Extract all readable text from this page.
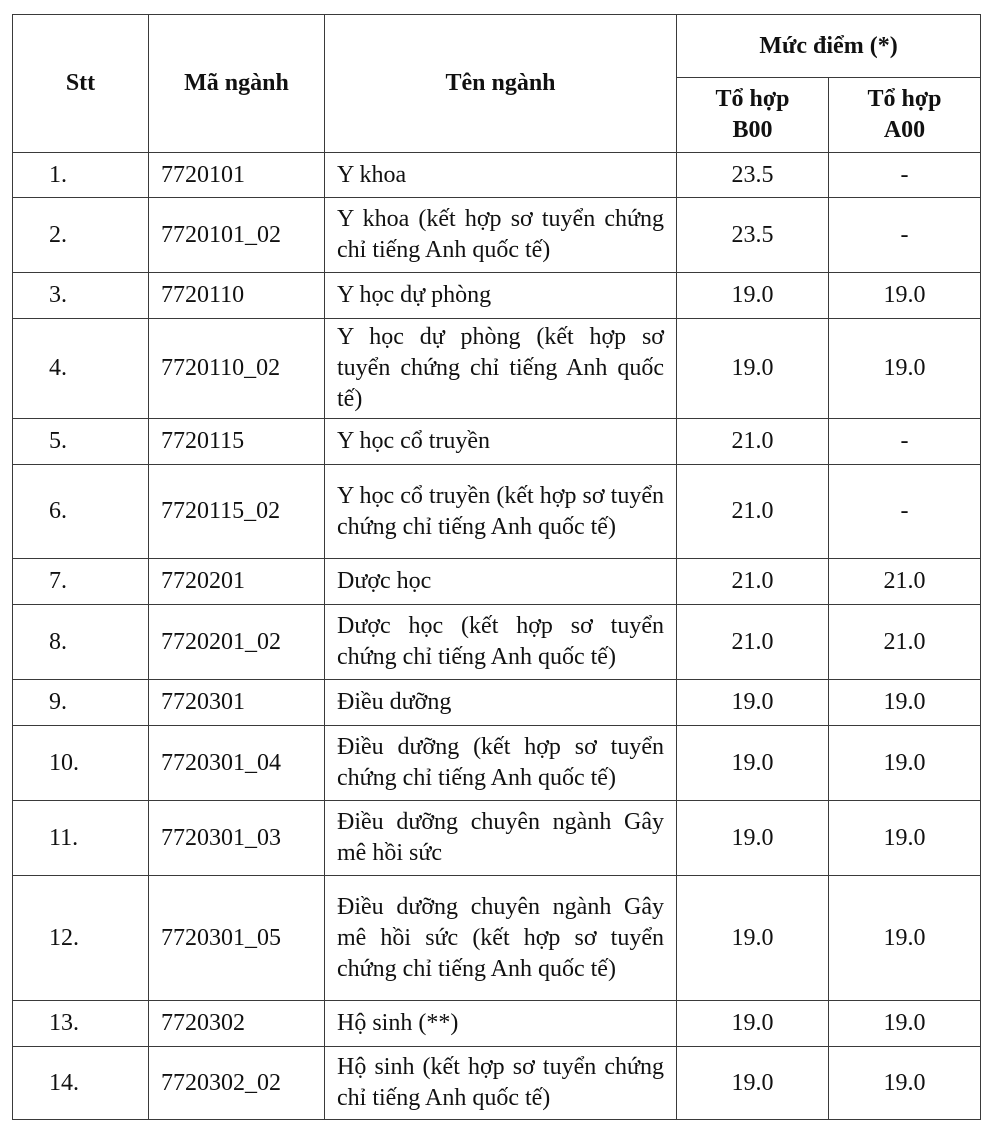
Stt	Mã ngành	Tên ngành	Mức điểm (*)	
			Tổ hợp B00	Tổ hợp A00
1.	7720101	Y khoa	23.5	-
2.	7720101_02	Y khoa (kết hợp sơ tuyển chứng chỉ tiếng Anh quốc tế)	23.5	-
3.	7720110	Y học dự phòng	19.0	19.0
4.	7720110_02	Y học dự phòng (kết hợp sơ tuyển chứng chỉ tiếng Anh quốc tế)	19.0	19.0
5.	7720115	Y học cổ truyền	21.0	-
6.	7720115_02	Y học cổ truyền (kết hợp sơ tuyển chứng chỉ tiếng Anh quốc tế)	21.0	-
7.	7720201	Dược học	21.0	21.0
8.	7720201_02	Dược học (kết hợp sơ tuyển chứng chỉ tiếng Anh quốc tế)	21.0	21.0
9.	7720301	Điều dưỡng	19.0	19.0
10.	7720301_04	Điều dưỡng (kết hợp sơ tuyển chứng chỉ tiếng Anh quốc tế)	19.0	19.0
11.	7720301_03	Điều dưỡng chuyên ngành Gây mê hồi sức	19.0	19.0
12.	7720301_05	Điều dưỡng chuyên ngành Gây mê hồi sức (kết hợp sơ tuyển chứng chỉ tiếng Anh quốc tế)	19.0	19.0
13.	7720302	Hộ sinh (**)	19.0	19.0
14.	7720302_02	Hộ sinh (kết hợp sơ tuyển chứng chỉ tiếng Anh quốc tế)	19.0	19.0
